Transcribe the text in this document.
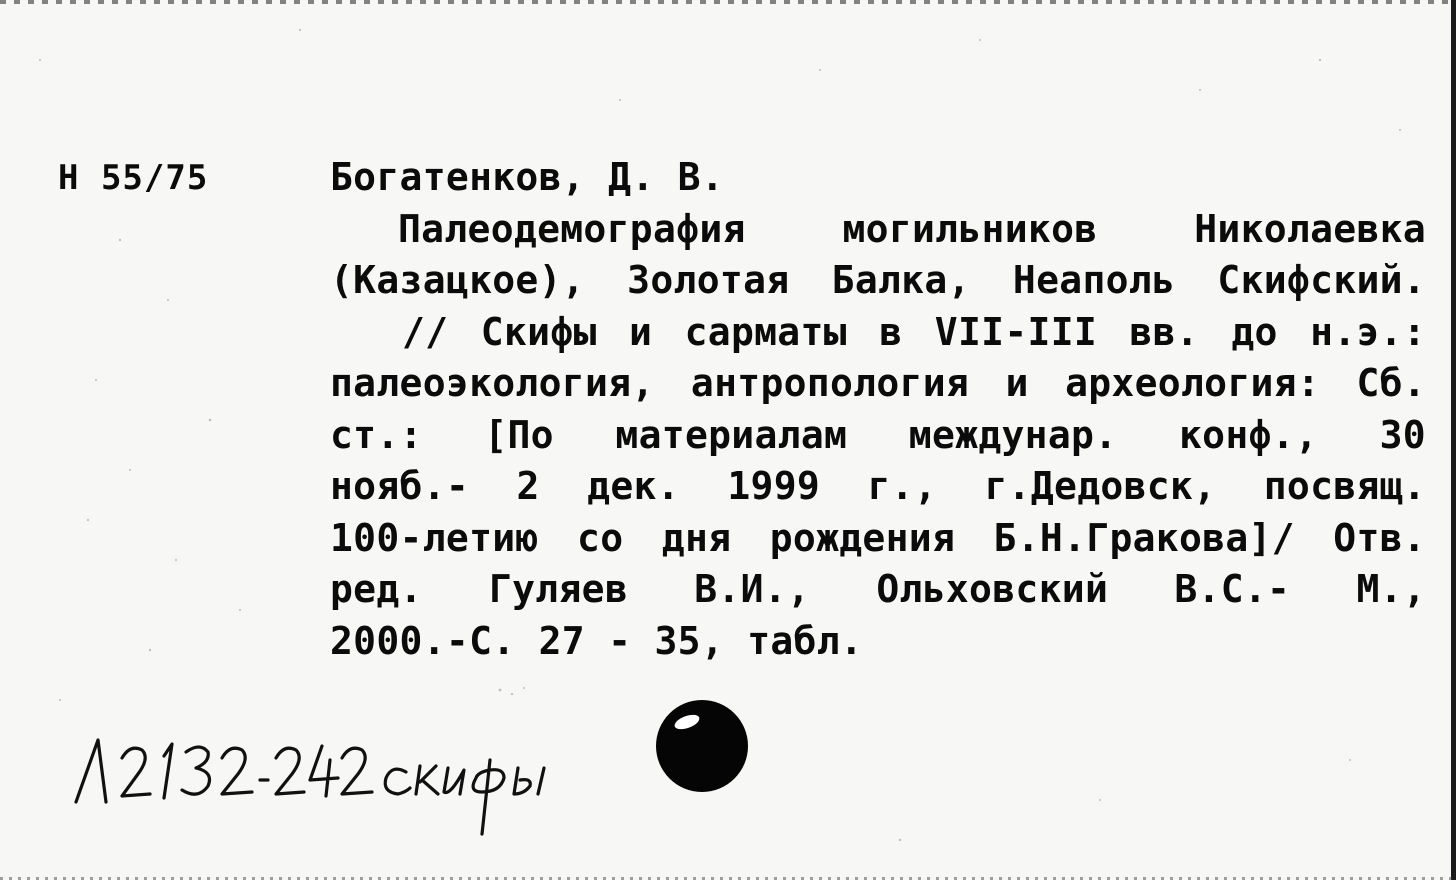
Н 55/75	Богатенков, Д. В.
Палеодемография могильников Николаевка
(Казацкое), Золотая Балка, Неаполь Скифский.
// Скифы и сарматы в VII-III вв. до н.э.:
палеоэкология, антропология и археология: Сб.
ст.: [По материалам междунар. конф., 30
нояб.- 2 дек. 1999 г., г.Дедовск, посвящ.
100-летию со дня рождения Б.Н.Гракова]/ Отв.
ред. Гуляев В.И., Ольховский В.С.- М.,
2000.-С. 27 - 35, табл.
